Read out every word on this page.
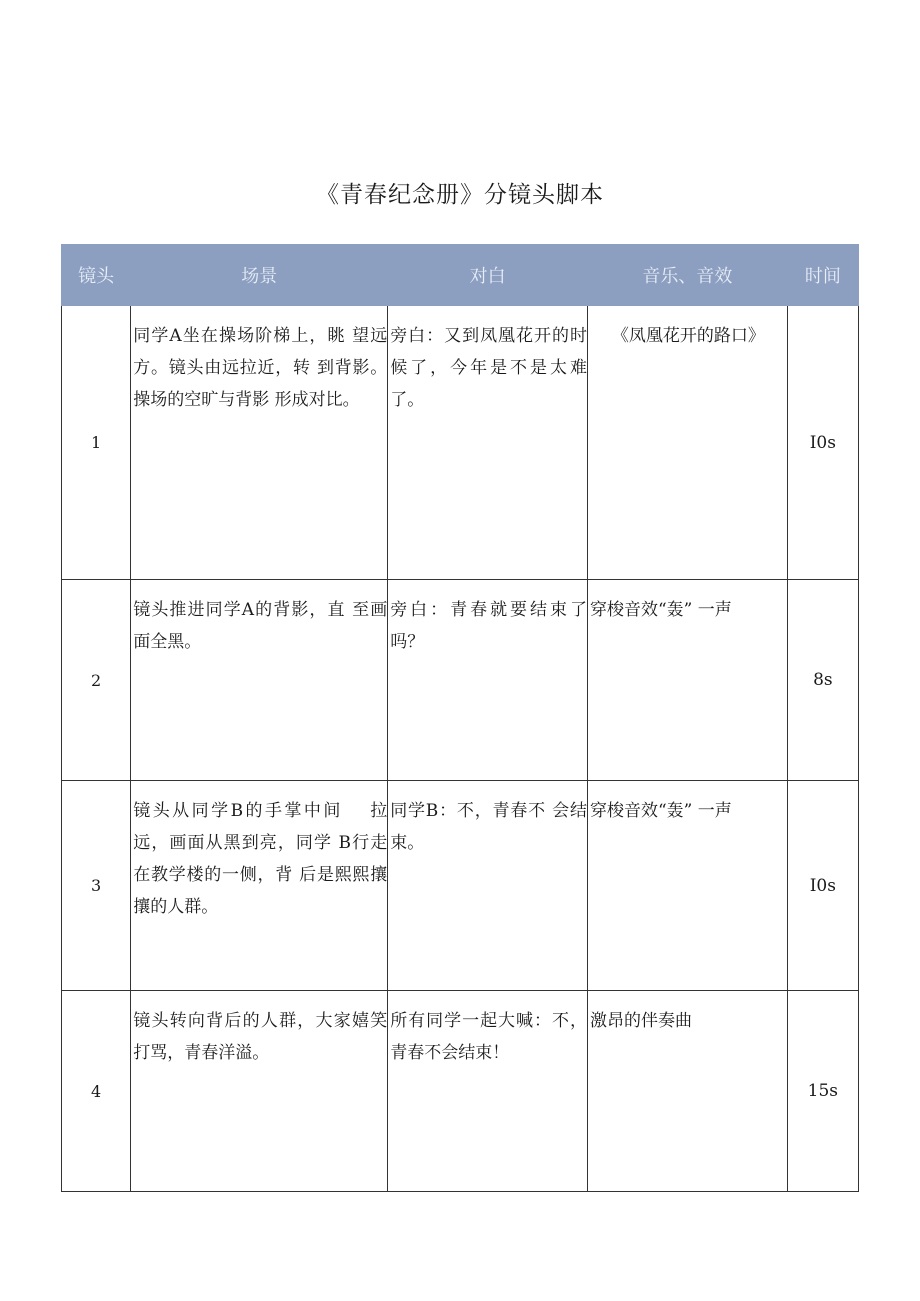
《青春纪念册》分镜头脚本
镜头	场景	对白	音乐、音效	时间
1	同学A坐在操场阶梯上，眺 望远方。镜头由远拉近，转 到背影。操场的空旷与背影 形成对比。	旁白：又到凤凰花开的时候了，今年是不是太难了。	《凤凰花开的路口》	I0s
2	镜头推进同学A的背影，直 至画面全黑。	旁白：青春就要结束了吗？	穿梭音效“轰” 一声	8s
3	镜头从同学B的手掌中间　 拉远，画面从黑到亮，同学 B行走在教学楼的一侧，背 后是熙熙攘攘的人群。	同学B：不，青春不 会结束。	穿梭音效“轰” 一声	I0s
4	镜头转向背后的人群，大家嬉笑打骂，青春洋溢。	所有同学一起大喊：不，青春不会结束！	激昂的伴奏曲	15s
